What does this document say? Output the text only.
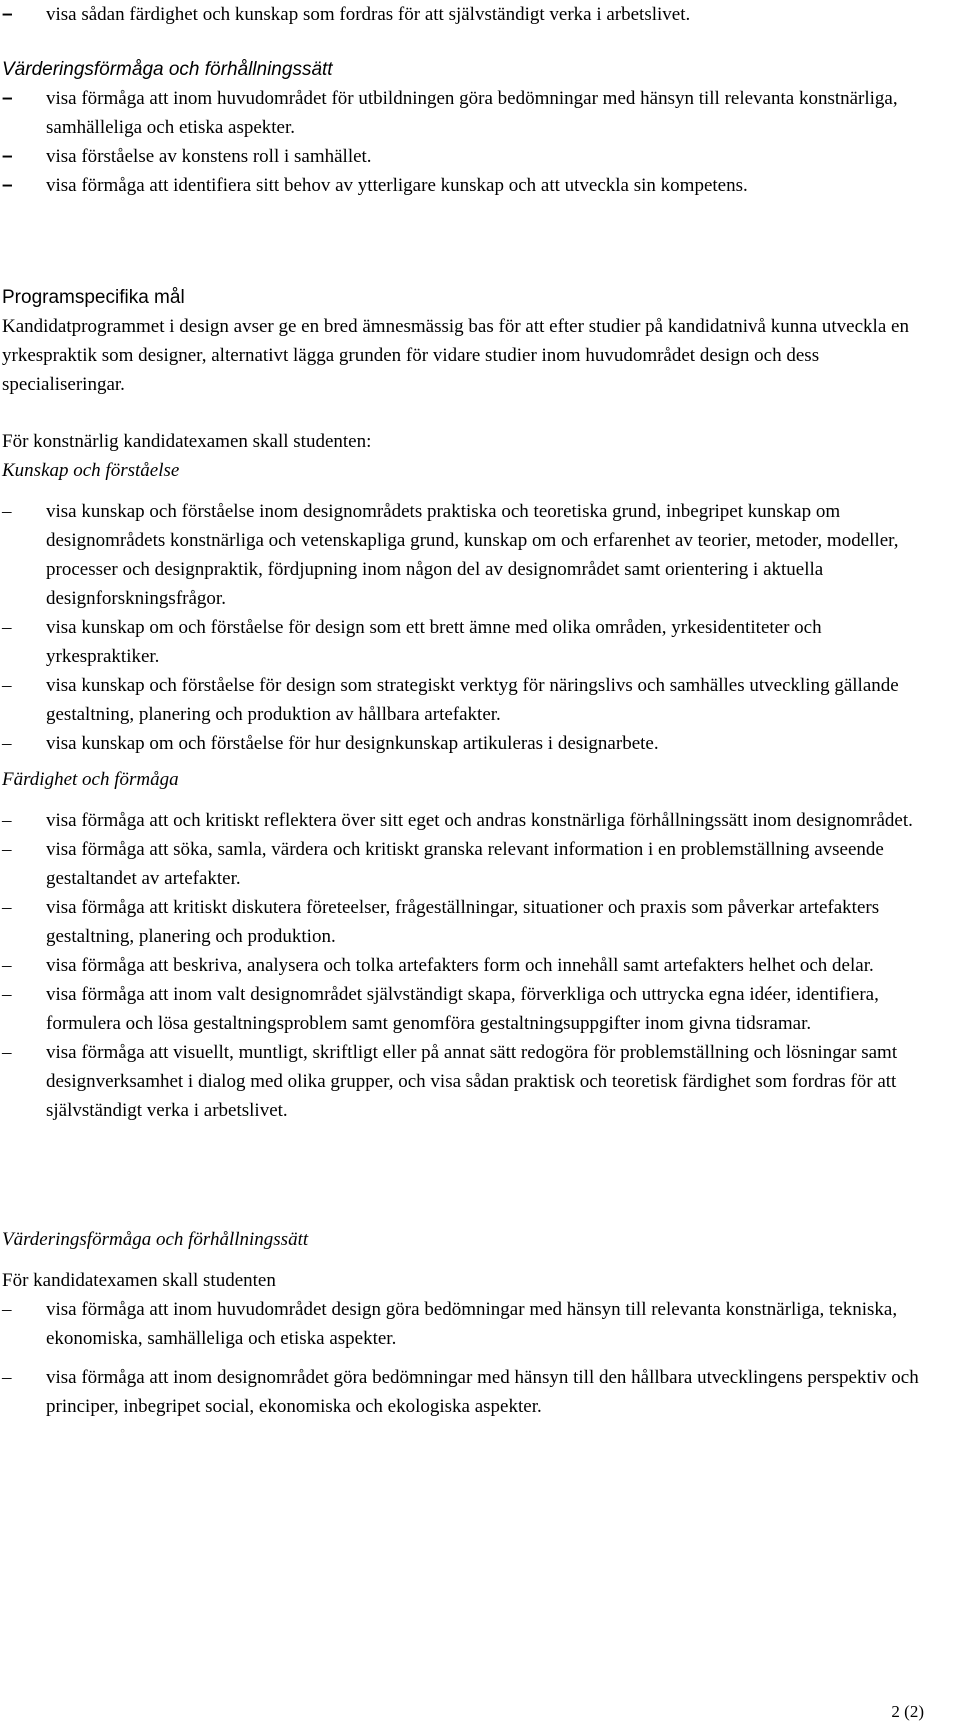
– visa sådan färdighet och kunskap som fordras för att självständigt verka i arbetslivet.
Värderingsförmåga och förhållningssätt
– visa förmåga att inom huvudområdet för utbildningen göra bedömningar med hänsyn till relevanta konstnärliga, samhälleliga och etiska aspekter.
– visa förståelse av konstens roll i samhället.
– visa förmåga att identifiera sitt behov av ytterligare kunskap och att utveckla sin kompetens.
Programspecifika mål
Kandidatprogrammet i design avser ge en bred ämnesmässig bas för att efter studier på kandidatnivå kunna utveckla en yrkespraktik som designer, alternativt lägga grunden för vidare studier inom huvudområdet design och dess specialiseringar.
För konstnärlig kandidatexamen skall studenten:
Kunskap och förståelse
– visa kunskap och förståelse inom designområdets praktiska och teoretiska grund, inbegripet kunskap om designområdets konstnärliga och vetenskapliga grund, kunskap om och erfarenhet av teorier, metoder, modeller, processer och designpraktik, fördjupning inom någon del av designområdet samt orientering i aktuella designforskningsfrågor.
– visa kunskap om och förståelse för design som ett brett ämne med olika områden, yrkesidentiteter och yrkespraktiker.
– visa kunskap och förståelse för design som strategiskt verktyg för näringslivs och samhälles utveckling gällande gestaltning, planering och produktion av hållbara artefakter.
– visa kunskap om och förståelse för hur designkunskap artikuleras i designarbete.
Färdighet och förmåga
– visa förmåga att och kritiskt reflektera över sitt eget och andras konstnärliga förhållningssätt inom designområdet.
– visa förmåga att söka, samla, värdera och kritiskt granska relevant information i en problemställning avseende gestaltandet av artefakter.
– visa förmåga att kritiskt diskutera företeelser, frågeställningar, situationer och praxis som påverkar artefakters gestaltning, planering och produktion.
– visa förmåga att beskriva, analysera och tolka artefakters form och innehåll samt artefakters helhet och delar.
– visa förmåga att inom valt designområdet självständigt skapa, förverkliga och uttrycka egna idéer, identifiera, formulera och lösa gestaltningsproblem samt genomföra gestaltningsuppgifter inom givna tidsramar.
– visa förmåga att visuellt, muntligt, skriftligt eller på annat sätt redogöra för problemställning och lösningar samt designverksamhet i dialog med olika grupper, och visa sådan praktisk och teoretisk färdighet som fordras för att självständigt verka i arbetslivet.
Värderingsförmåga och förhållningssätt
För kandidatexamen skall studenten
– visa förmåga att inom huvudområdet design göra bedömningar med hänsyn till relevanta konstnärliga, tekniska, ekonomiska, samhälleliga och etiska aspekter.
– visa förmåga att inom designområdet göra bedömningar med hänsyn till den hållbara utvecklingens perspektiv och principer, inbegripet social, ekonomiska och ekologiska aspekter.
2 (2)
